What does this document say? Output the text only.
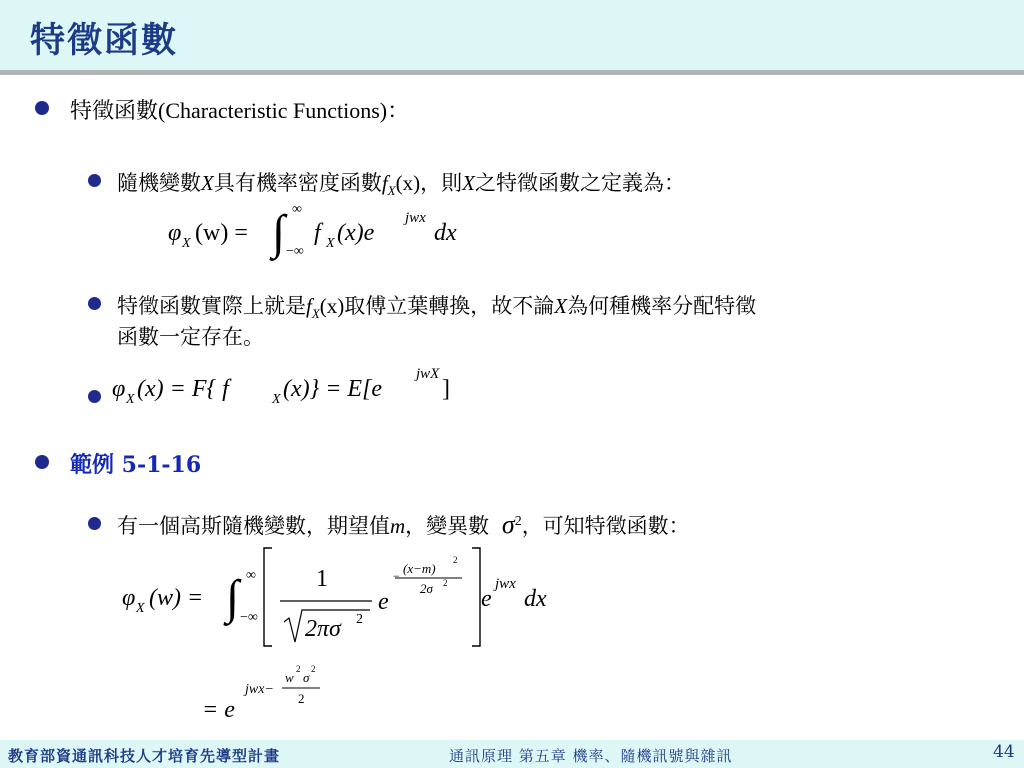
特徵函數
特徵函數(Characteristic Functions)：
隨機變數X具有機率密度函數$f_X(x)$，則X之特徵函數之定義為：
φ X (w) = ∫ ∞
−∞
f X (x)e
jwx
dx
特徵函數實際上就是$f_X(x)$取傅立葉轉換，故不論X為何種機率分配特徵
函數一定存在。
φ X (x) = F{ f	X (x)} = E[e
jwX
]
範例 5-1-16
有一個高斯隨機變數，期望值m，變異數 $\sigma^2$，可知特徵函數：
φ X (w) = ∫ ∞
−∞
1
2πσ 2
e
− (x−m)
2
2σ 2
e
jwx
dx
= e
jwx−
w
2
σ
2
2
教育部資通訊科技人才培育先導型計畫	通訊原理 第五章 機率、隨機訊號與雜訊	44
